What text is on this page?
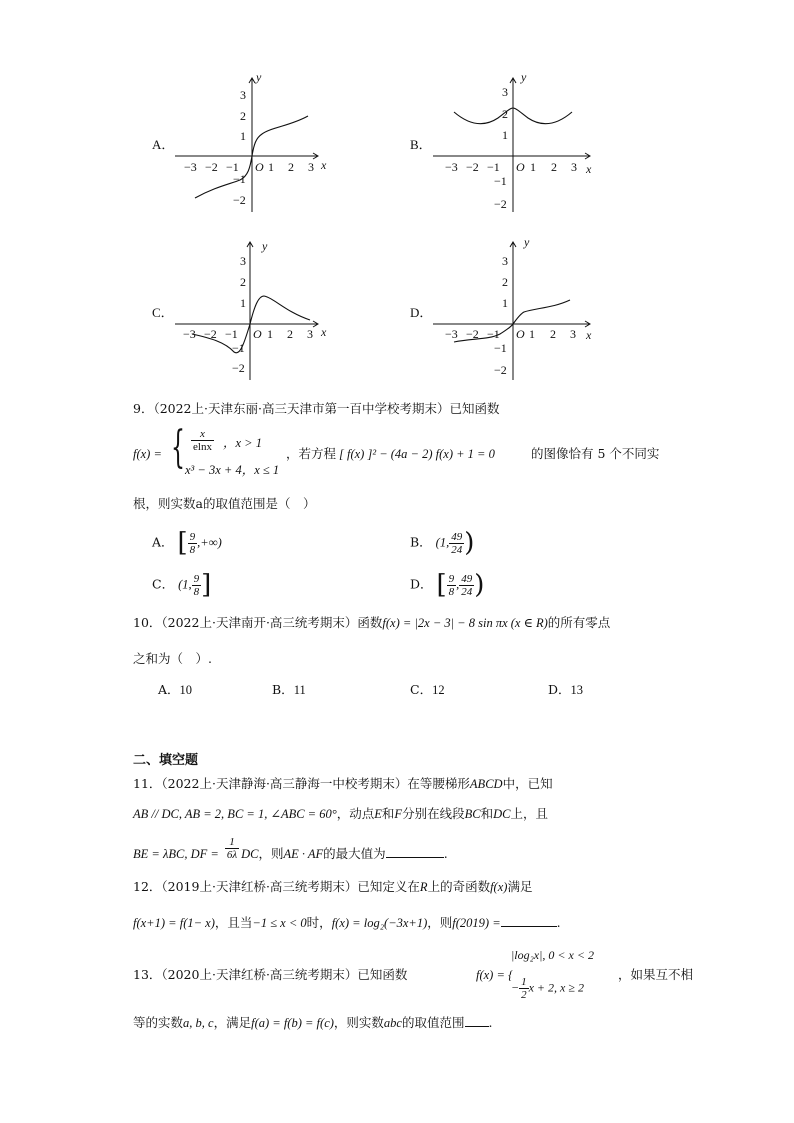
A．
y
x
O
−3 −2 −1 1 2 3
3
2
1
−1
−2
B．
y
x
O
−3 −2 −1	1 2 3
3
2
1
−1
−2
C．
y
x
O
−3 −2 −1 1 2 3
3
2
1
−1
−2
D．
y
x
O
−3 −2 −1 1 2 3
3
2
1
−1
−2
9．（2022上·天津东丽·高三天津市第一百中学校考期末）已知函数
f(x) = { $\frac{x}{elnx}$ ，x > 1
x³ − 3x + 4，x ≤ 1
，若方程 [ f(x) ]² − (4a − 2) f(x) + 1 = 0	的图像恰有 5 个不同实
根，则实数a的取值范围是（　）
A． [ $\frac{9}{8}$ ,+∞)	B． (1, $\frac{49}{24}$ )
C． (1, $\frac{9}{8}$ ]	D． [ $\frac{9}{8}$ , $\frac{49}{24}$ )
10．（2022上·天津南开·高三统考期末）函数f(x) = |2x − 3| − 8 sin πx (x ∈ R)的所有零点
之和为（　）.
A．10	B．11	C．12	D．13
二、填空题
11．（2022上·天津静海·高三静海一中校考期末）在等腰梯形ABCD中，已知
AB // DC, AB = 2, BC = 1, ∠ABC = 60°，动点E和F分别在线段BC和DC上，且
BE = λBC, DF = $\frac{1}{6\lambda}$ DC，则AE · AF的最大值为	.
12．（2019上·天津红桥·高三统考期末）已知定义在R上的奇函数f(x)满足
f(x+1) = f(1− x)，且当−1 ≤ x < 0时，f(x) = log₂(−3x+1)，则f(2019) =	.
13．（2020上·天津红桥·高三统考期末）已知函数	f(x) = {
|log₂x|, 0 < x < 2
− $\frac{1}{2}$ x + 2, x ≥ 2
，如果互不相
等的实数a, b, c，满足f(a) = f(b) = f(c)，则实数abc的取值范围 .
